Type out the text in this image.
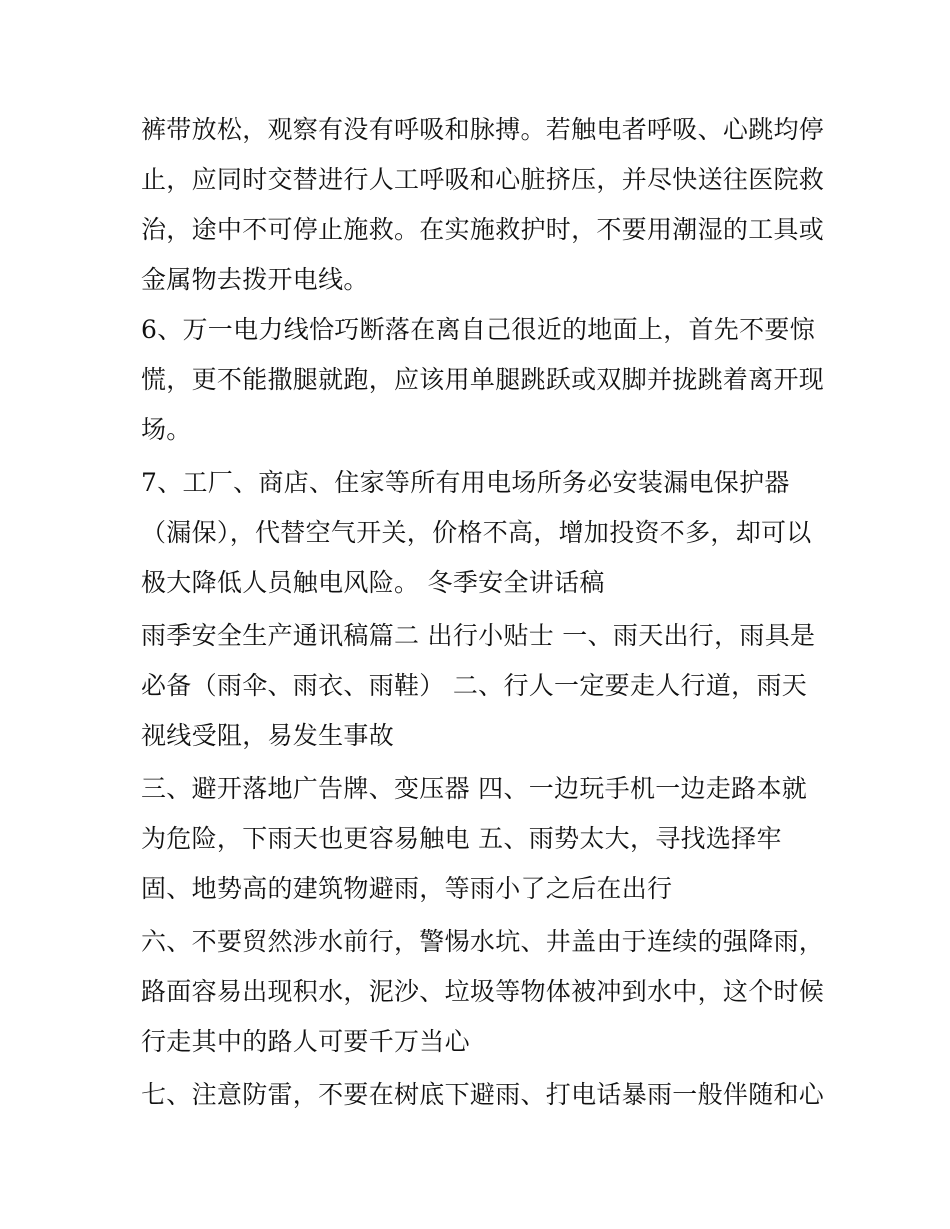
裤带放松，观察有没有呼吸和脉搏。若触电者呼吸、心跳均停
止，应同时交替进行人工呼吸和心脏挤压，并尽快送往医院救
治，途中不可停止施救。在实施救护时，不要用潮湿的工具或
金属物去拨开电线。
6、万一电力线恰巧断落在离自己很近的地面上，首先不要惊
慌，更不能撒腿就跑，应该用单腿跳跃或双脚并拢跳着离开现
场。
7、工厂、商店、住家等所有用电场所务必安装漏电保护器
（漏保），代替空气开关，价格不高，增加投资不多，却可以
极大降低人员触电风险。 冬季安全讲话稿
雨季安全生产通讯稿篇二 出行小贴士 一、雨天出行，雨具是
必备（雨伞、雨衣、雨鞋） 二、行人一定要走人行道，雨天
视线受阻，易发生事故
三、避开落地广告牌、变压器 四、一边玩手机一边走路本就
为危险，下雨天也更容易触电 五、雨势太大，寻找选择牢
固、地势高的建筑物避雨，等雨小了之后在出行
六、不要贸然涉水前行，警惕水坑、井盖由于连续的强降雨，
路面容易出现积水，泥沙、垃圾等物体被冲到水中，这个时候
行走其中的路人可要千万当心
七、注意防雷，不要在树底下避雨、打电话暴雨一般伴随和心
